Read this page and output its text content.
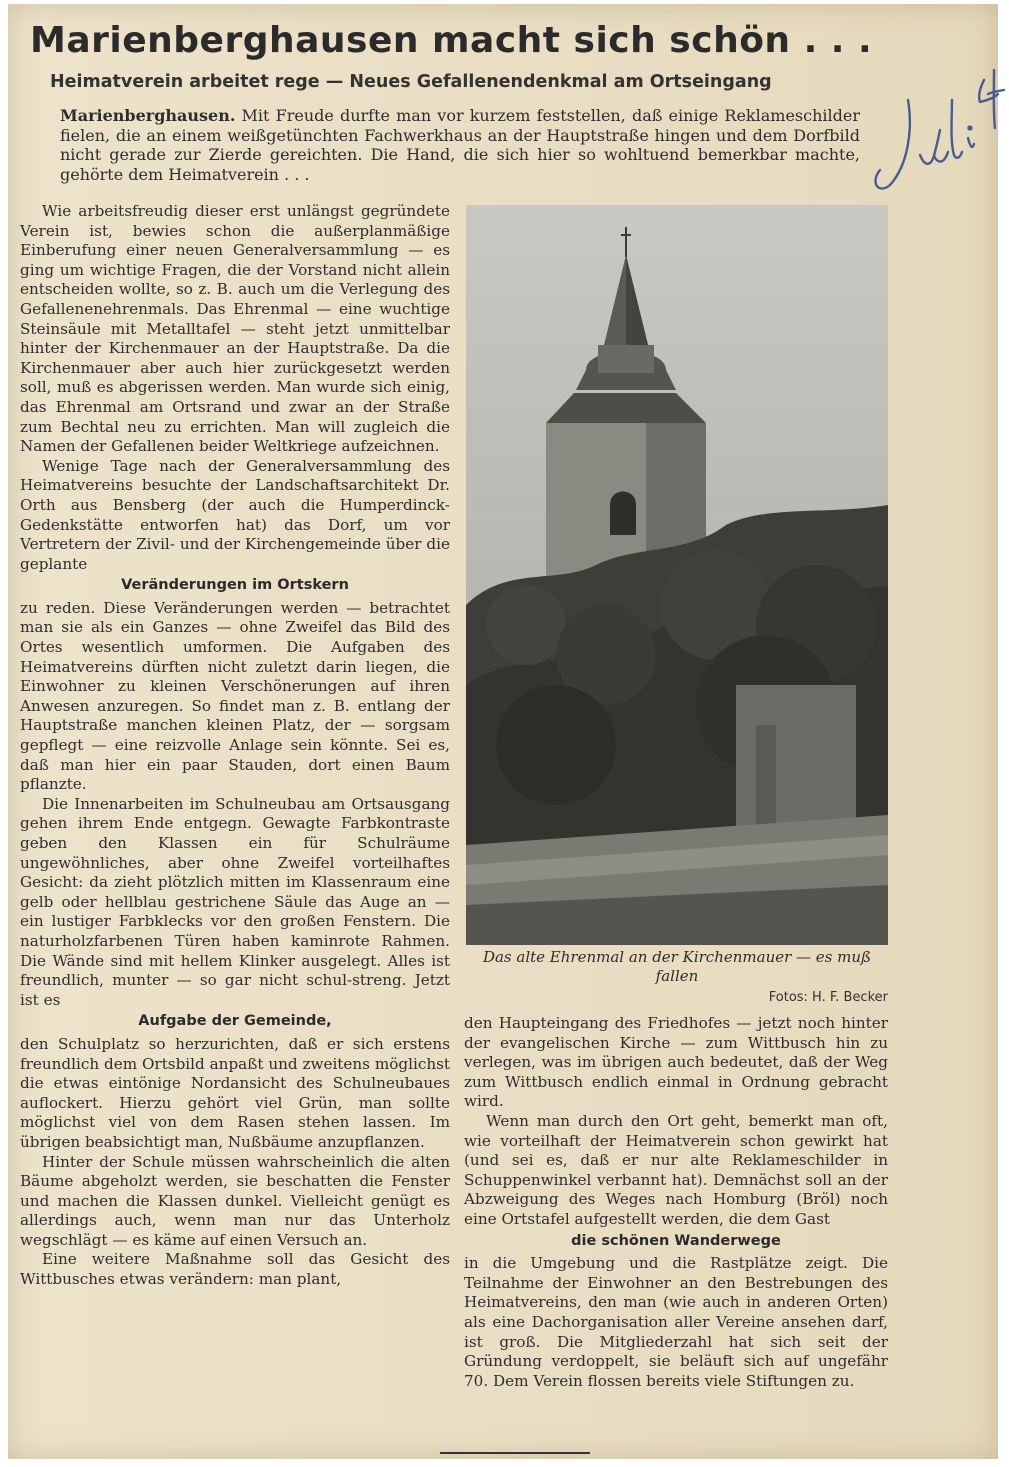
Marienberghausen macht sich schön . . .
Heimatverein arbeitet rege — Neues Gefallenendenkmal am Ortseingang
Marienberghausen. Mit Freude durfte man vor kurzem feststellen, daß einige Reklameschilder fielen, die an einem weißgetünchten Fachwerkhaus an der Hauptstraße hingen und dem Dorfbild nicht gerade zur Zierde gereichten. Die Hand, die sich hier so wohltuend bemerkbar machte, gehörte dem Heimatverein . . .

Wie arbeitsfreudig dieser erst unlängst gegründete Verein ist, bewies schon die außerplanmäßige Einberufung einer neuen Generalversammlung — es ging um wichtige Fragen, die der Vorstand nicht allein entscheiden wollte, so z. B. auch um die Verlegung des Gefallenenehrenmals. Das Ehrenmal — eine wuchtige Steinsäule mit Metalltafel — steht jetzt unmittelbar hinter der Kirchenmauer an der Hauptstraße. Da die Kirchenmauer aber auch hier zurückgesetzt werden soll, muß es abgerissen werden. Man wurde sich einig, das Ehrenmal am Ortsrand und zwar an der Straße zum Bechtal neu zu errichten. Man will zugleich die Namen der Gefallenen beider Weltkriege aufzeichnen.

Wenige Tage nach der Generalversammlung des Heimatvereins besuchte der Landschaftsarchitekt Dr. Orth aus Bensberg (der auch die Humperdinck-Gedenkstätte entworfen hat) das Dorf, um vor Vertretern der Zivil- und der Kirchengemeinde über die geplante

Veränderungen im Ortskern

zu reden. Diese Veränderungen werden — betrachtet man sie als ein Ganzes — ohne Zweifel das Bild des Ortes wesentlich umformen. Die Aufgaben des Heimatvereins dürften nicht zuletzt darin liegen, die Einwohner zu kleinen Verschönerungen auf ihren Anwesen anzuregen. So findet man z. B. entlang der Hauptstraße manchen kleinen Platz, der — sorgsam gepflegt — eine reizvolle Anlage sein könnte. Sei es, daß man hier ein paar Stauden, dort einen Baum pflanzte.

Die Innenarbeiten im Schulneubau am Ortsausgang gehen ihrem Ende entgegn. Gewagte Farbkontraste geben den Klassen ein für Schulräume ungewöhnliches, aber ohne Zweifel vorteilhaftes Gesicht: da zieht plötzlich mitten im Klassenraum eine gelb oder hellblau gestrichene Säule das Auge an — ein lustiger Farbklecks vor den großen Fenstern. Die naturholzfarbenen Türen haben kaminrote Rahmen. Die Wände sind mit hellem Klinker ausgelegt. Alles ist freundlich, munter — so gar nicht schul-streng. Jetzt ist es

Aufgabe der Gemeinde,

den Schulplatz so herzurichten, daß er sich erstens freundlich dem Ortsbild anpaßt und zweitens möglichst die etwas eintönige Nordansicht des Schulneubaues auflockert. Hierzu gehört viel Grün, man sollte möglichst viel von dem Rasen stehen lassen. Im übrigen beabsichtigt man, Nußbäume anzupflanzen.

Hinter der Schule müssen wahrscheinlich die alten Bäume abgeholzt werden, sie beschatten die Fenster und machen die Klassen dunkel. Vielleicht genügt es allerdings auch, wenn man nur das Unterholz wegschlägt — es käme auf einen Versuch an.

Eine weitere Maßnahme soll das Gesicht des Wittbusches etwas verändern: man plant,

Das alte Ehrenmal an der Kirchenmauer — es muß fallen
Fotos: H. F. Becker

den Haupteingang des Friedhofes — jetzt noch hinter der evangelischen Kirche — zum Wittbusch hin zu verlegen, was im übrigen auch bedeutet, daß der Weg zum Wittbusch endlich einmal in Ordnung gebracht wird.

Wenn man durch den Ort geht, bemerkt man oft, wie vorteilhaft der Heimatverein schon gewirkt hat (und sei es, daß er nur alte Reklameschilder in Schuppenwinkel verbannt hat). Demnächst soll an der Abzweigung des Weges nach Homburg (Bröl) noch eine Ortstafel aufgestellt werden, die dem Gast

die schönen Wanderwege

in die Umgebung und die Rastplätze zeigt. Die Teilnahme der Einwohner an den Bestrebungen des Heimatvereins, den man (wie auch in anderen Orten) als eine Dachorganisation aller Vereine ansehen darf, ist groß. Die Mitgliederzahl hat sich seit der Gründung verdoppelt, sie beläuft sich auf ungefähr 70. Dem Verein flossen bereits viele Stiftungen zu.
